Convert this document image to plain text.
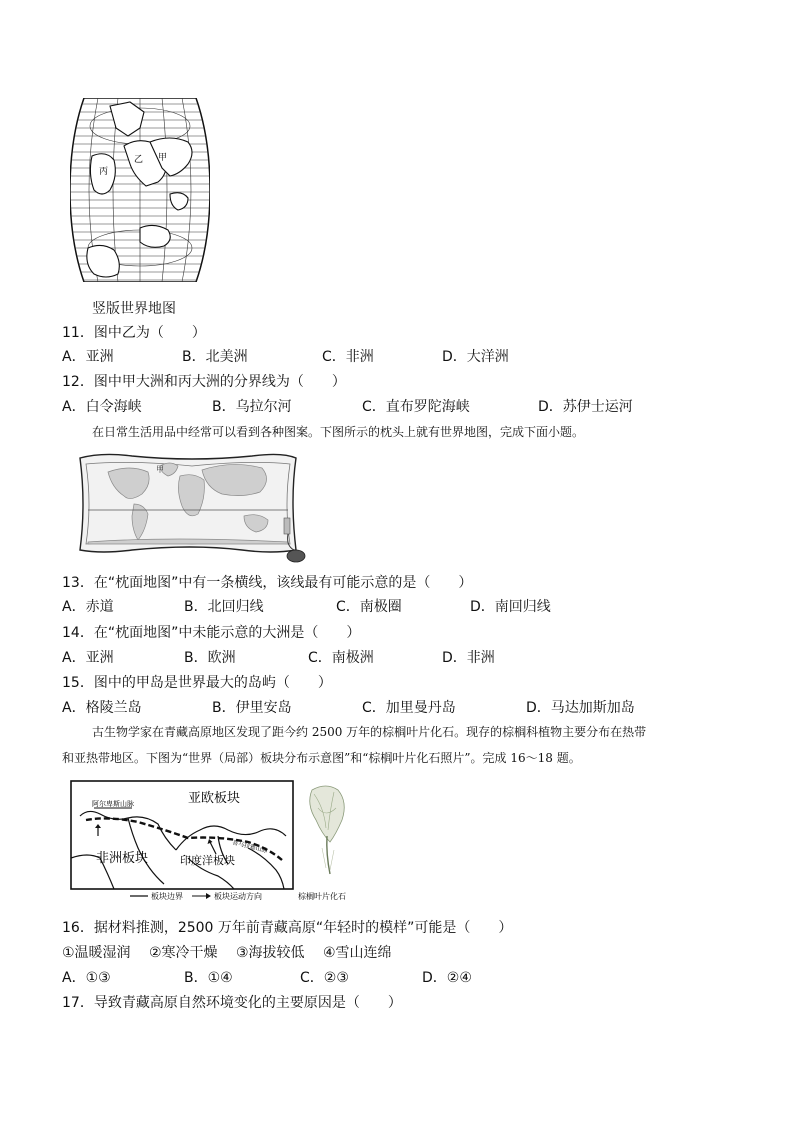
丙
乙 甲
竖版世界地图
11．图中乙为（　　）
A．亚洲	B．北美洲	C．非洲	D．大洋洲
12．图中甲大洲和丙大洲的分界线为（　　）
A．白令海峡	B．乌拉尔河	C．直布罗陀海峡	D．苏伊士运河
在日常生活用品中经常可以看到各种图案。下图所示的枕头上就有世界地图，完成下面小题。
甲
13．在“枕面地图”中有一条横线，该线最有可能示意的是（　　）
A．赤道	B．北回归线	C．南极圈	D．南回归线
14．在“枕面地图”中未能示意的大洲是（　　）
A．亚洲	B．欧洲	C．南极洲	D．非洲
15．图中的甲岛是世界最大的岛屿（　　）
A．格陵兰岛	B．伊里安岛	C．加里曼丹岛	D．马达加斯加岛
古生物学家在青藏高原地区发现了距今约 2500 万年的棕榈叶片化石。现存的棕榈科植物主要分布在热带
和亚热带地区。下图为“世界（局部）板块分布示意图”和“棕榈叶片化石照片”。完成 16～18 题。
亚欧板块
非洲板块	印度洋板块
阿尔卑斯山脉
喜马拉雅山脉
板块边界	板块运动方向	棕榈叶片化石
16．据材料推测，2500 万年前青藏高原“年轻时的模样”可能是（　　）
①温暖湿润　 ②寒冷干燥　 ③海拔较低　 ④雪山连绵
A．①③	B．①④	C．②③	D．②④
17．导致青藏高原自然环境变化的主要原因是（　　）
